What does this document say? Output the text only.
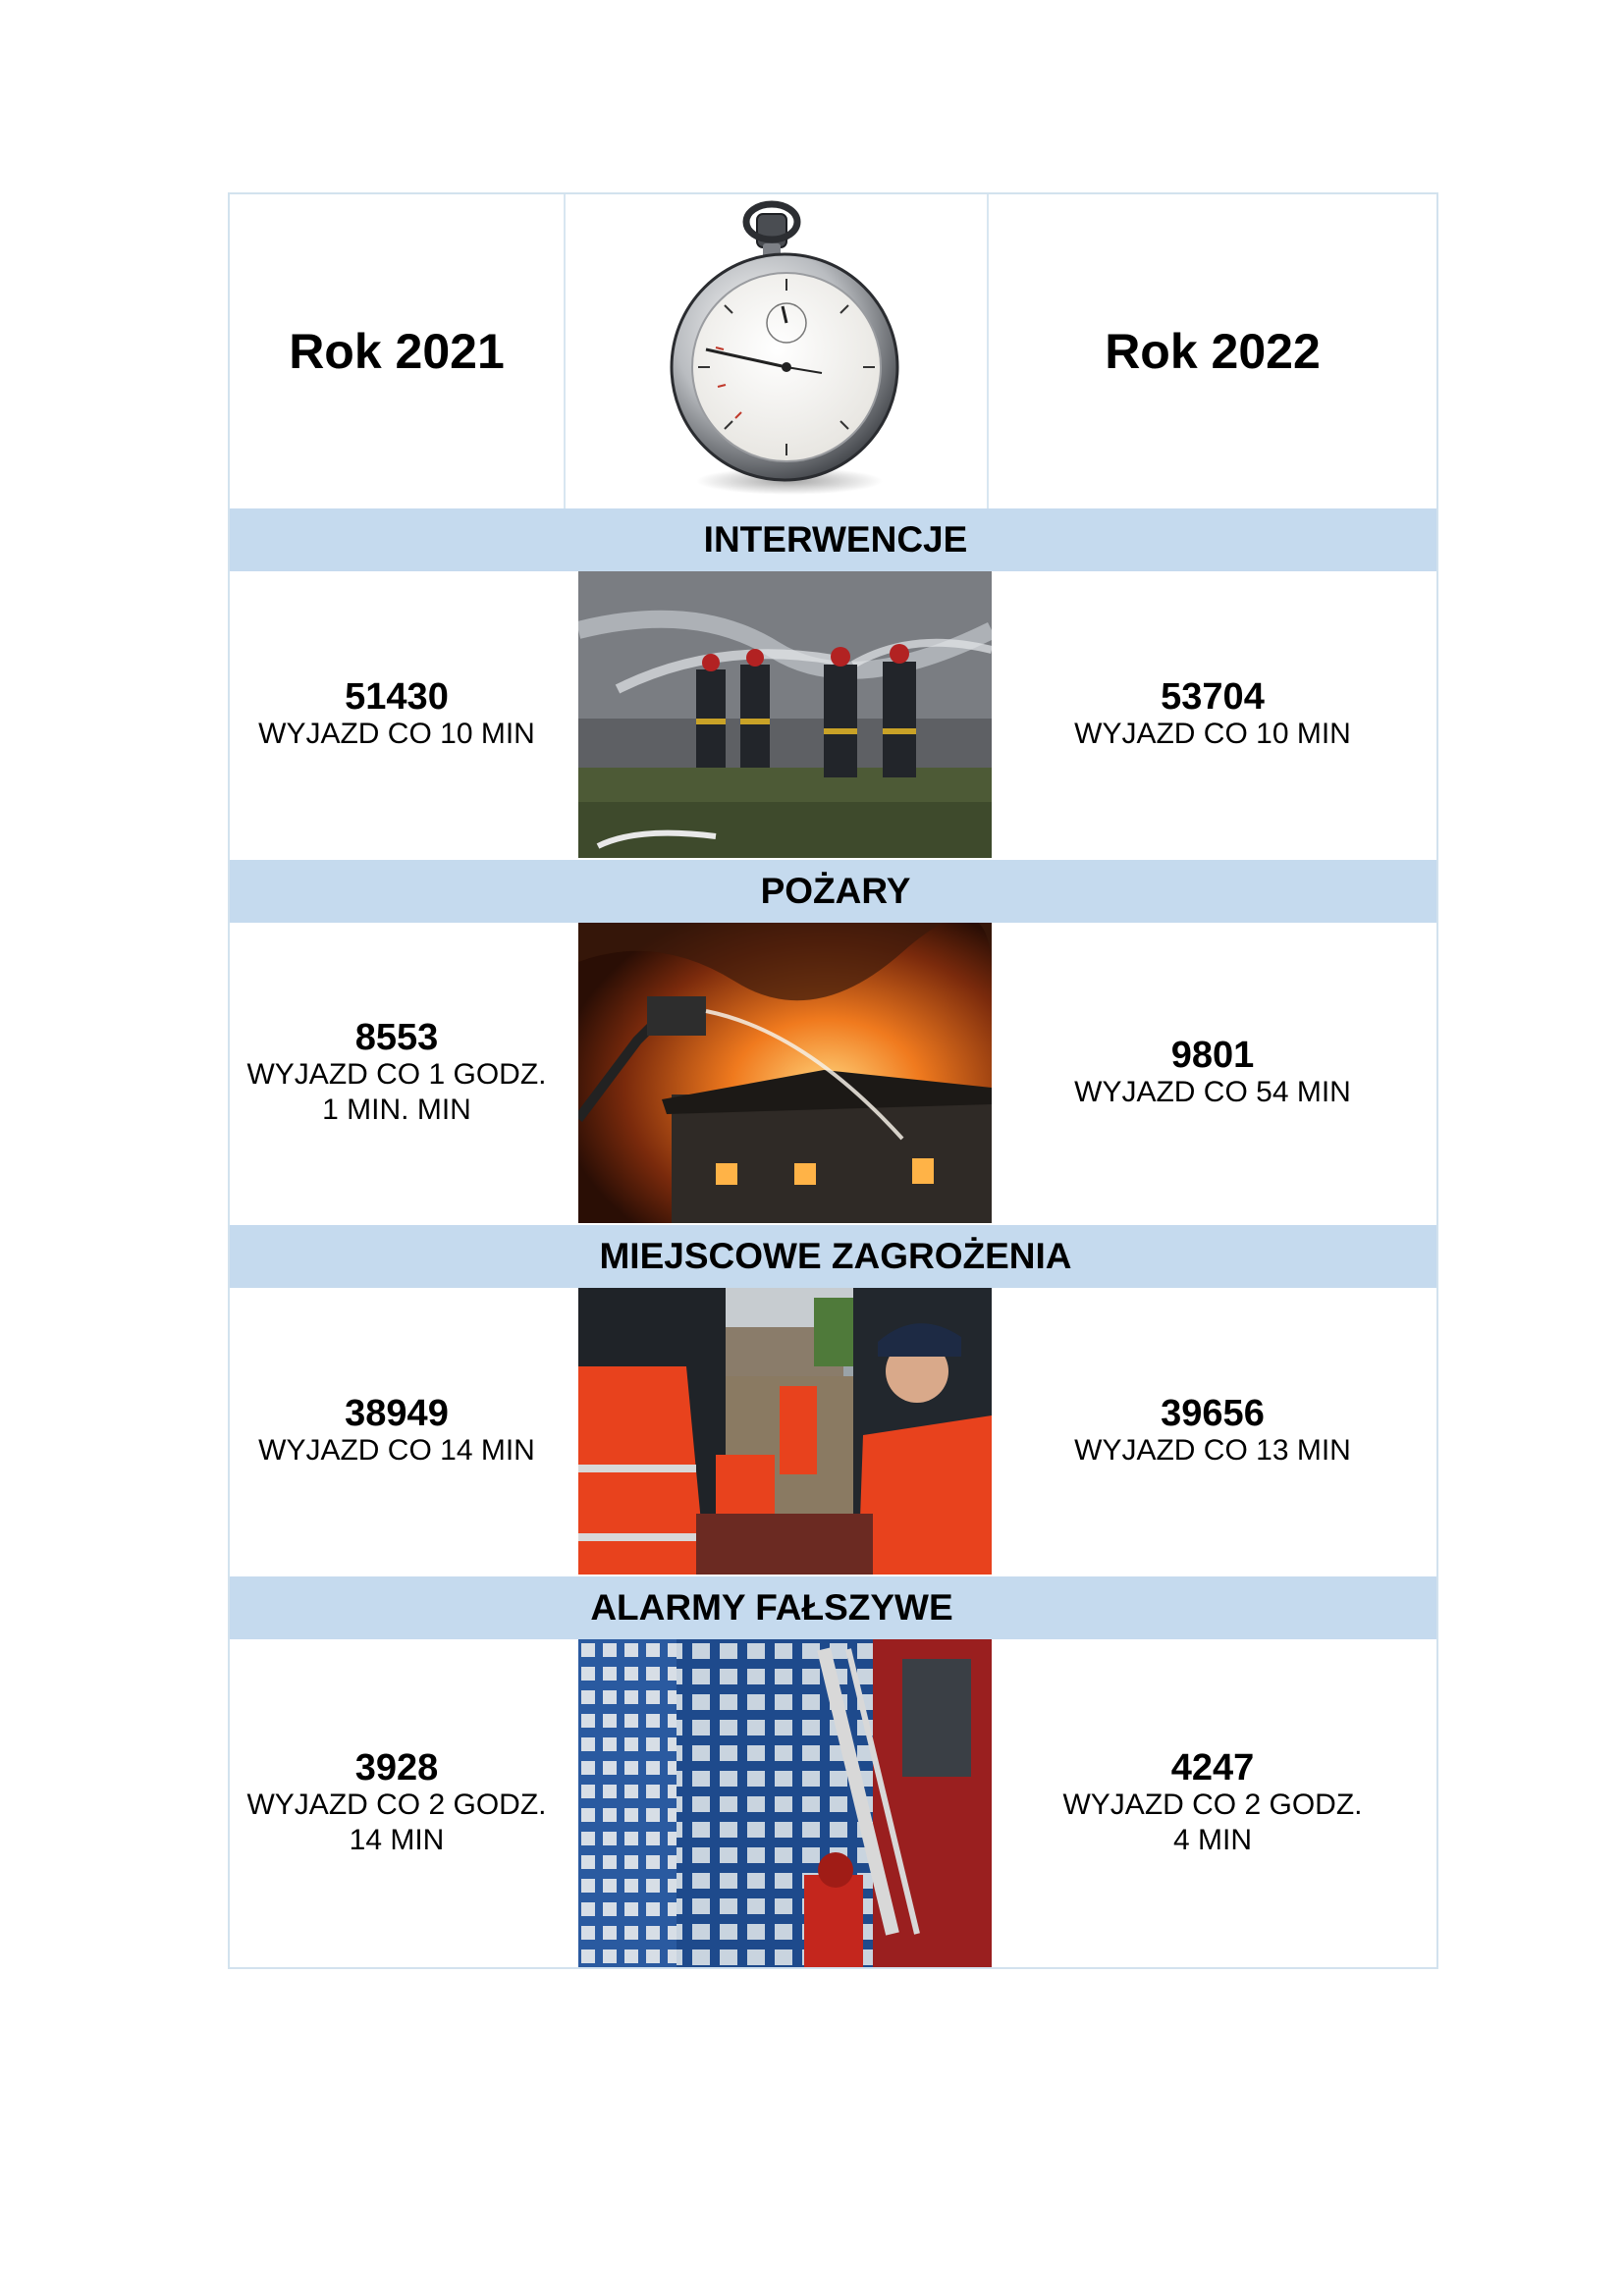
Rok 2021	Rok 2022
INTERWENCJE
51430
WYJAZD CO 10 MIN
53704
WYJAZD CO 10 MIN
POŻARY
8553
WYJAZD CO 1 GODZ.
1 MIN. MIN
9801
WYJAZD CO 54 MIN
MIEJSCOWE ZAGROŻENIA
38949
WYJAZD CO 14 MIN
39656
WYJAZD CO 13 MIN
ALARMY FAŁSZYWE
3928
WYJAZD CO 2 GODZ.
14 MIN
4247
WYJAZD CO 2 GODZ.
4 MIN
